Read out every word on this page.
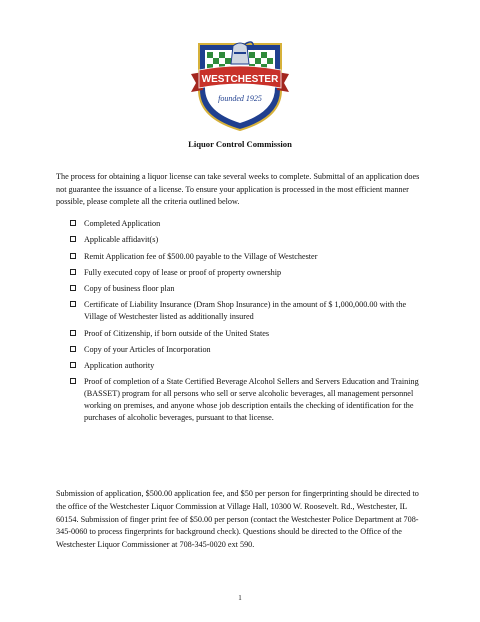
WESTCHESTER
founded 1925
Liquor Control Commission

The process for obtaining a liquor license can take several weeks to complete. Submittal of an application does not guarantee the issuance of a license. To ensure your application is processed in the most efficient manner possible, please complete all the criteria outlined below.

Completed Application
Applicable affidavit(s)
Remit Application fee of $500.00 payable to the Village of Westchester
Fully executed copy of lease or proof of property ownership
Copy of business floor plan
Certificate of Liability Insurance (Dram Shop Insurance) in the amount of $ 1,000,000.00 with the Village of Westchester listed as additionally insured
Proof of Citizenship, if born outside of the United States
Copy of your Articles of Incorporation
Application authority
Proof of completion of a State Certified Beverage Alcohol Sellers and Servers Education and Training (BASSET) program for all persons who sell or serve alcoholic beverages, all management personnel working on premises, and anyone whose job description entails the checking of identification for the purchases of alcoholic beverages, pursuant to that license.

Submission of application, $500.00 application fee, and $50 per person for fingerprinting should be directed to the office of the Westchester Liquor Commission at Village Hall, 10300 W. Roosevelt. Rd., Westchester, IL 60154. Submission of finger print fee of $50.00 per person (contact the Westchester Police Department at 708-345-0060 to process fingerprints for background check). Questions should be directed to the Office of the Westchester Liquor Commissioner at 708-345-0020 ext 590.

1
